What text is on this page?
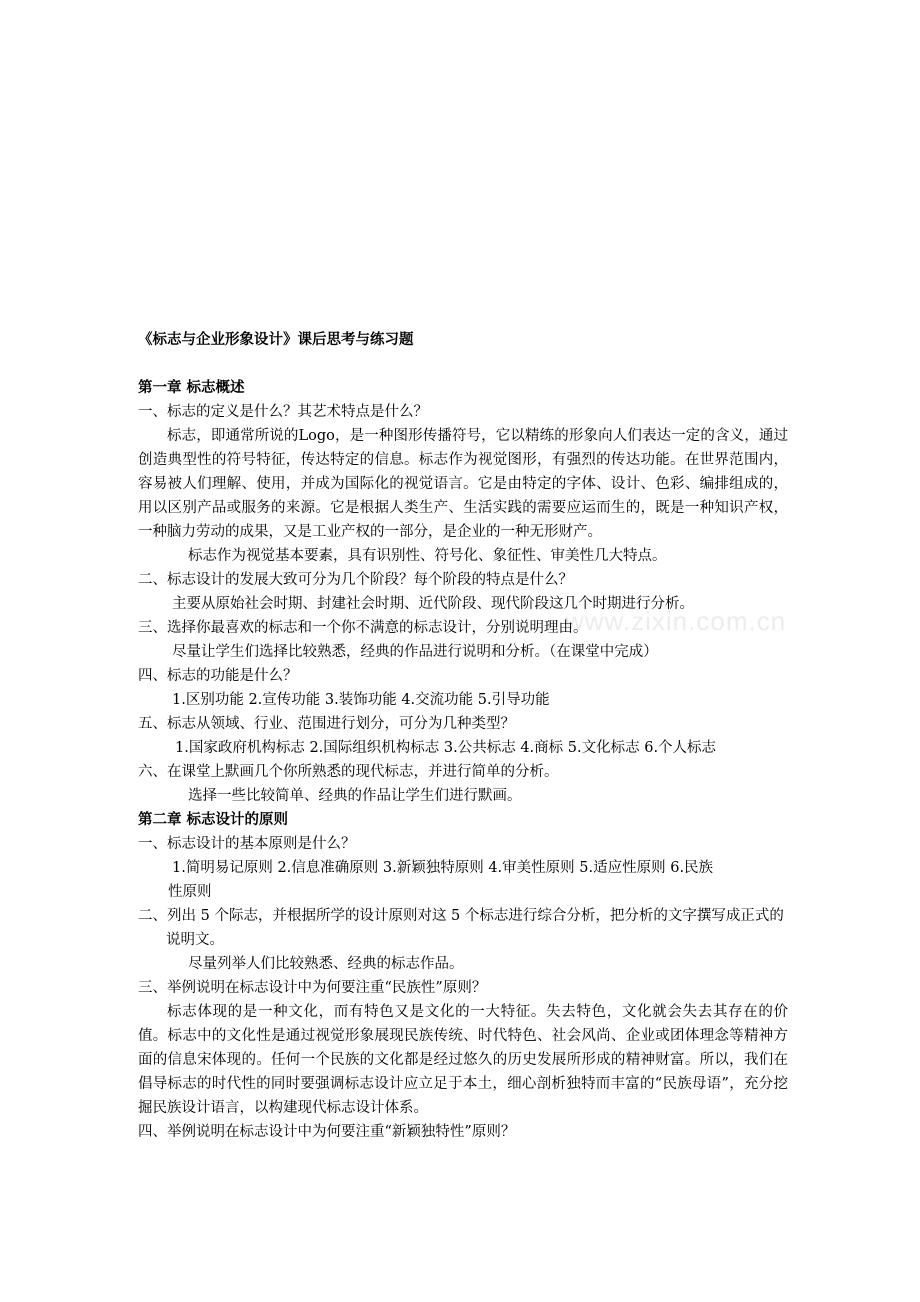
www.zixin.com.cn

《标志与企业形象设计》课后思考与练习题

第一章 标志概述

一、标志的定义是什么？其艺术特点是什么？

标志，即通常所说的Logo，是一种图形传播符号，它以精练的形象向人们表达一定的含义，通过创造典型性的符号特征，传达特定的信息。标志作为视觉图形，有强烈的传达功能。在世界范围内，容易被人们理解、使用，并成为国际化的视觉语言。它是由特定的字体、设计、色彩、编排组成的，用以区别产品或服务的来源。它是根据人类生产、生活实践的需要应运而生的，既是一种知识产权，一种脑力劳动的成果，又是工业产权的一部分，是企业的一种无形财产。

标志作为视觉基本要素，具有识别性、符号化、象征性、审美性几大特点。

二、标志设计的发展大致可分为几个阶段？每个阶段的特点是什么？

主要从原始社会时期、封建社会时期、近代阶段、现代阶段这几个时期进行分析。

三、选择你最喜欢的标志和一个你不满意的标志设计，分别说明理由。

尽量让学生们选择比较熟悉，经典的作品进行说明和分析。（在课堂中完成）

四、标志的功能是什么？

1.区别功能 2.宣传功能 3.装饰功能 4.交流功能 5.引导功能

五、标志从领域、行业、范围进行划分，可分为几种类型？

1.国家政府机构标志 2.国际组织机构标志 3.公共标志 4.商标 5.文化标志 6.个人标志

六、在课堂上默画几个你所熟悉的现代标志，并进行简单的分析。

选择一些比较简单、经典的作品让学生们进行默画。

第二章 标志设计的原则

一、标志设计的基本原则是什么？

1.简明易记原则 2.信息准确原则 3.新颖独特原则 4.审美性原则 5.适应性原则 6.民族
性原则

二、列出 5 个际志，并根据所学的设计原则对这 5 个标志进行综合分析，把分析的文字撰写成正式的说明文。

尽量列举人们比较熟悉、经典的标志作品。

三、举例说明在标志设计中为何要注重“民族性”原则？

标志体现的是一种文化，而有特色又是文化的一大特征。失去特色，文化就会失去其存在的价值。标志中的文化性是通过视觉形象展现民族传统、时代特色、社会风尚、企业或团体理念等精神方面的信息宋体现的。任何一个民族的文化都是经过悠久的历史发展所形成的精神财富。所以，我们在倡导标志的时代性的同时要强调标志设计应立足于本土，细心剖析独特而丰富的“民族母语”，充分挖掘民族设计语言，以构建现代标志设计体系。

四、举例说明在标志设计中为何要注重“新颖独特性”原则？
